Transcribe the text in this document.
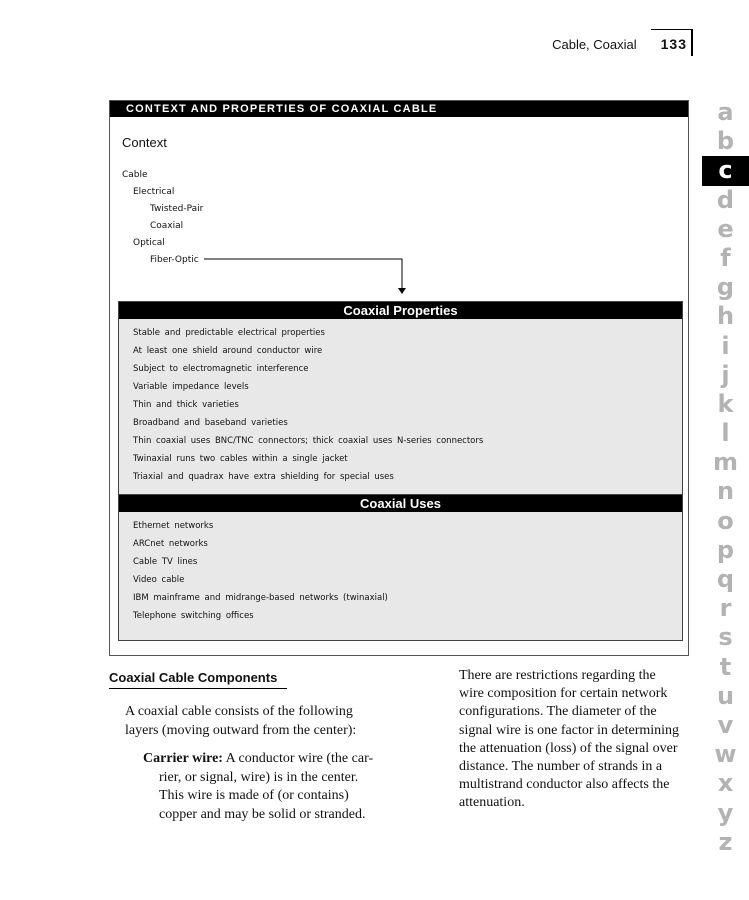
Cable, Coaxial	133
CONTEXT AND PROPERTIES OF COAXIAL CABLE
Context
Cable
Electrical
Twisted-Pair
Coaxial
Optical
Fiber-Optic
Coaxial Properties
Stable and predictable electrical properties
At least one shield around conductor wire
Subject to electromagnetic interference
Variable impedance levels
Thin and thick varieties
Broadband and baseband varieties
Thin coaxial uses BNC/TNC connectors; thick coaxial uses N-series connectors
Twinaxial runs two cables within a single jacket
Triaxial and quadrax have extra shielding for special uses
Coaxial Uses
Ethernet networks
ARCnet networks
Cable TV lines
Video cable
IBM mainframe and midrange-based networks (twinaxial)
Telephone switching offices
Coaxial Cable Components

A coaxial cable consists of the following
layers (moving outward from the center):

Carrier wire: A conductor wire (the car-
rier, or signal, wire) is in the center.
This wire is made of (or contains)
copper and may be solid or stranded.

There are restrictions regarding the
wire composition for certain network
configurations. The diameter of the
signal wire is one factor in determining
the attenuation (loss) of the signal over
distance. The number of strands in a
multistrand conductor also affects the
attenuation.

a
b
c
d
e
f
g
h
i
j
k
l
m
n
o
p
q
r
s
t
u
v
w
x
y
z
